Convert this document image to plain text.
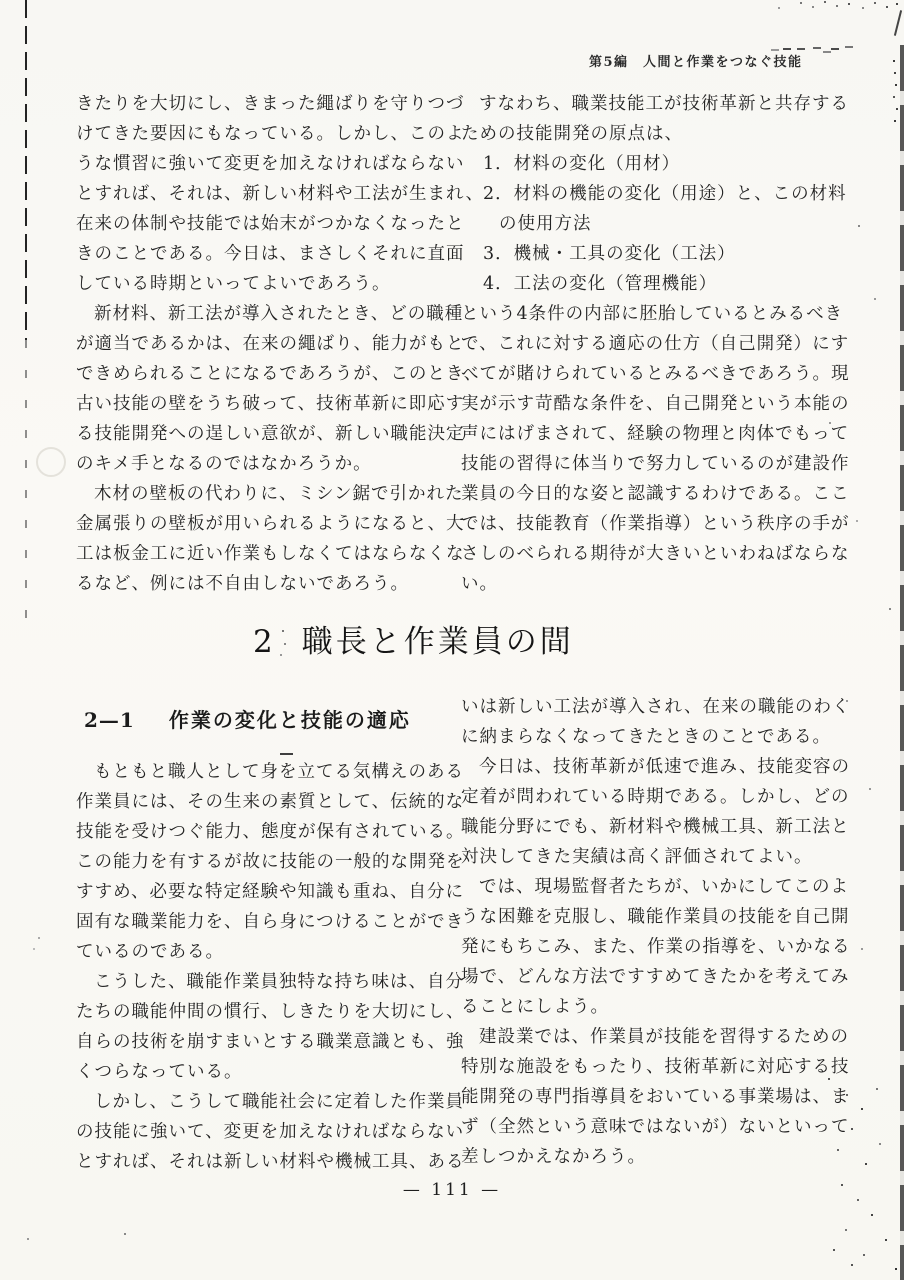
第5編　人間と作業をつなぐ技能
きたりを大切にし、きまった繩ばりを守りつづ
けてきた要因にもなっている。しかし、このよ
うな慣習に強いて変更を加えなければならない
とすれば、それは、新しい材料や工法が生まれ、
在来の体制や技能では始末がつかなくなったと
きのことである。今日は、まさしくそれに直面
している時期といってよいであろう。
新材料、新工法が導入されたとき、どの職種
が適当であるかは、在来の繩ばり、能力がもと
できめられることになるであろうが、このとき、
古い技能の壁をうち破って、技術革新に即応す
る技能開発への逞しい意欲が、新しい職能決定
のキメ手となるのではなかろうか。
木材の壁板の代わりに、ミシン鋸で引かれた
金属張りの壁板が用いられるようになると、大
工は板金工に近い作業もしなくてはならなくな
るなど、例には不自由しないであろう。
すなわち、職業技能工が技術革新と共存する
ための技能開発の原点は、
1．材料の変化（用材）
2．材料の機能の変化（用途）と、この材料
の使用方法
3．機械・工具の変化（工法）
4．工法の変化（管理機能）
という4条件の内部に胚胎しているとみるべき
で、これに対する適応の仕方（自己開発）にす
べてが賭けられているとみるべきであろう。現
実が示す苛酷な条件を、自己開発という本能の
声にはげまされて、経験の物理と肉体でもって
技能の習得に体当りで努力しているのが建設作
業員の今日的な姿と認識するわけである。ここ
では、技能教育（作業指導）という秩序の手が
さしのべられる期待が大きいといわねばならな
い。
2 職長と作業員の間
2—1 作業の変化と技能の適応
もともと職人として身を立てる気構えのある
作業員には、その生来の素質として、伝統的な
技能を受けつぐ能力、態度が保有されている。
この能力を有するが故に技能の一般的な開発を
すすめ、必要な特定経験や知識も重ね、自分に
固有な職業能力を、自ら身につけることができ
ているのである。
こうした、職能作業員独特な持ち味は、自分
たちの職能仲間の慣行、しきたりを大切にし、
自らの技術を崩すまいとする職業意識とも、強
くつらなっている。
しかし、こうして職能社会に定着した作業員
の技能に強いて、変更を加えなければならない
とすれば、それは新しい材料や機械工具、ある
いは新しい工法が導入され、在来の職能のわく
に納まらなくなってきたときのことである。
今日は、技術革新が低速で進み、技能変容の
定着が問われている時期である。しかし、どの
職能分野にでも、新材料や機械工具、新工法と
対決してきた実績は高く評価されてよい。
では、現場監督者たちが、いかにしてこのよ
うな困難を克服し、職能作業員の技能を自己開
発にもちこみ、また、作業の指導を、いかなる
場で、どんな方法ですすめてきたかを考えてみ
ることにしよう。
建設業では、作業員が技能を習得するための
特別な施設をもったり、技術革新に対応する技
能開発の専門指導員をおいている事業場は、ま
ず（全然という意味ではないが）ないといって
差しつかえなかろう。
— 111 —
